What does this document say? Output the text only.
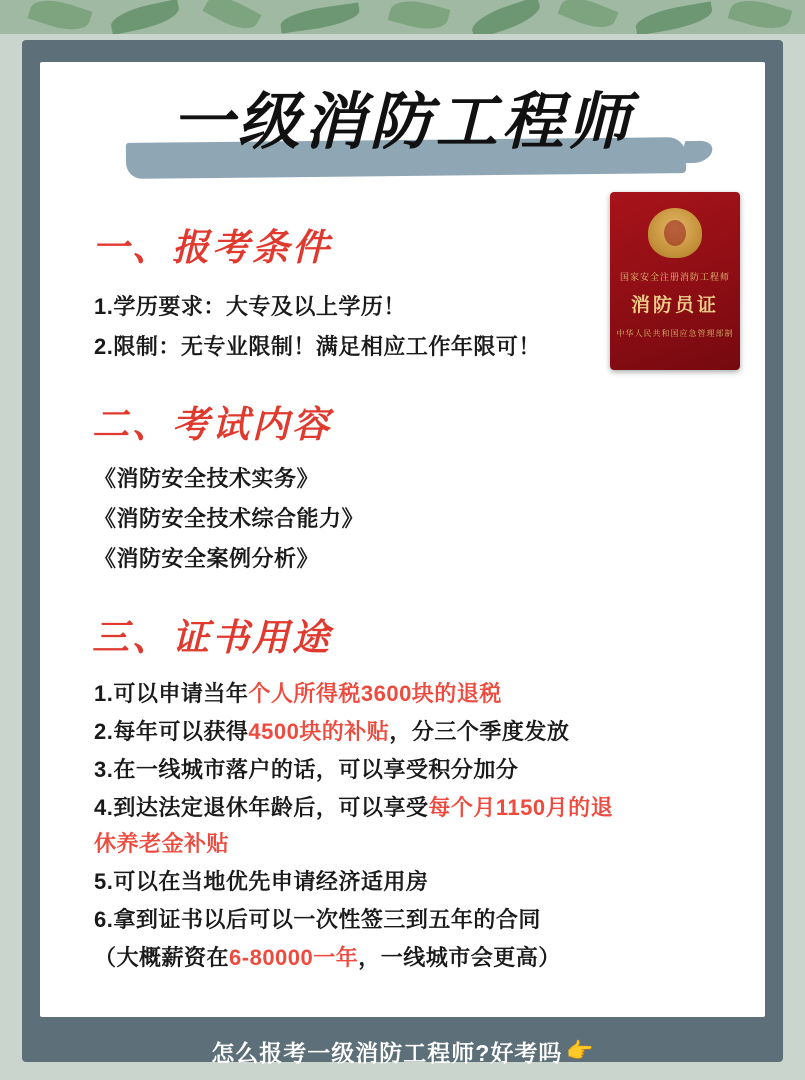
一级消防工程师
国家安全注册消防工程师
消防员证
中华人民共和国应急管理部制
一、报考条件
1.学历要求：大专及以上学历！
2.限制：无专业限制！满足相应工作年限可！
二、考试内容
《消防安全技术实务》
《消防安全技术综合能力》
《消防安全案例分析》
三、证书用途
1.可以申请当年个人所得税3600块的退税
2.每年可以获得4500块的补贴，分三个季度发放
3.在一线城市落户的话，可以享受积分加分
4.到达法定退休年龄后，可以享受每个月1150月的退
休养老金补贴
5.可以在当地优先申请经济适用房
6.拿到证书以后可以一次性签三到五年的合同
（大概薪资在6-80000一年，一线城市会更高）
怎么报考一级消防工程师?好考吗 👉
